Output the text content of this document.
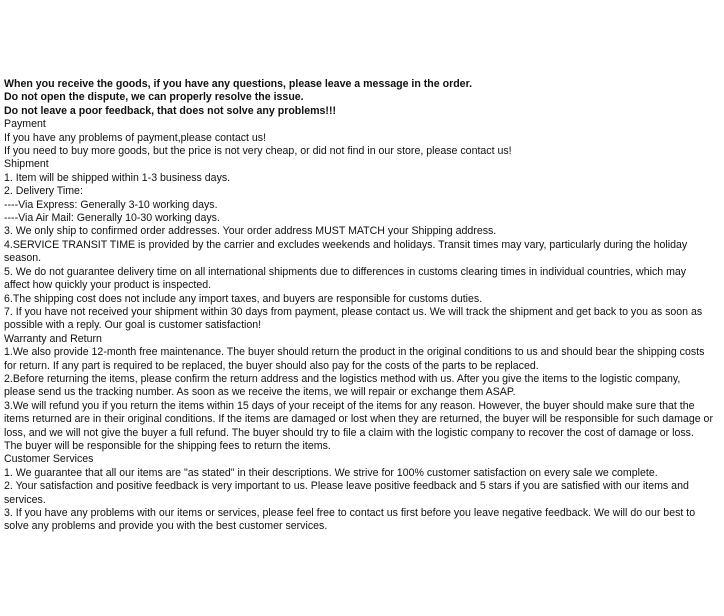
When you receive the goods, if you have any questions, please leave a message in the order.
Do not open the dispute, we can properly resolve the issue.
Do not leave a poor feedback, that does not solve any problems!!!
Payment
If you have any problems of payment,please contact us!
If you need to buy more goods, but the price is not very cheap, or did not find in our store, please contact us!
Shipment
1. Item will be shipped within 1-3 business days.
2. Delivery Time:
----Via Express: Generally 3-10 working days.
----Via Air Mail: Generally 10-30 working days.
3. We only ship to confirmed order addresses. Your order address MUST MATCH your Shipping address.
4.SERVICE TRANSIT TIME is provided by the carrier and excludes weekends and holidays. Transit times may vary, particularly during the holiday season.
5. We do not guarantee delivery time on all international shipments due to differences in customs clearing times in individual countries, which may affect how quickly your product is inspected.
6.The shipping cost does not include any import taxes, and buyers are responsible for customs duties.
7. If you have not received your shipment within 30 days from payment, please contact us. We will track the shipment and get back to you as soon as possible with a reply. Our goal is customer satisfaction!
Warranty and Return
1.We also provide 12-month free maintenance. The buyer should return the product in the original conditions to us and should bear the shipping costs for return. If any part is required to be replaced, the buyer should also pay for the costs of the parts to be replaced.
2.Before returning the items, please confirm the return address and the logistics method with us. After you give the items to the logistic company, please send us the tracking number. As soon as we receive the items, we will repair or exchange them ASAP.
3.We will refund you if you return the items within 15 days of your receipt of the items for any reason. However, the buyer should make sure that the items returned are in their original conditions. If the items are damaged or lost when they are returned, the buyer will be responsible for such damage or loss, and we will not give the buyer a full refund. The buyer should try to file a claim with the logistic company to recover the cost of damage or loss. The buyer will be responsible for the shipping fees to return the items.
Customer Services
1. We guarantee that all our items are "as stated" in their descriptions. We strive for 100% customer satisfaction on every sale we complete.
2. Your satisfaction and positive feedback is very important to us. Please leave positive feedback and 5 stars if you are satisfied with our items and services.
3. If you have any problems with our items or services, please feel free to contact us first before you leave negative feedback. We will do our best to solve any problems and provide you with the best customer services.
